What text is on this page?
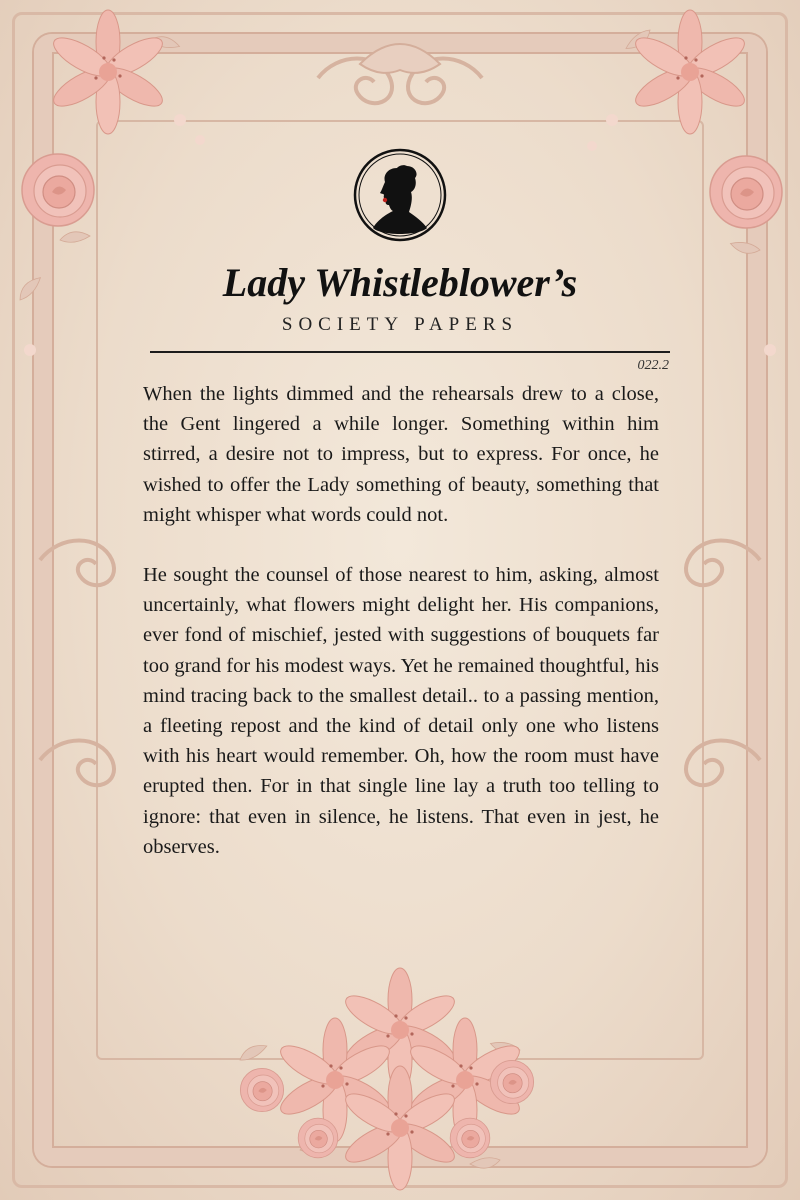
Lady Whistleblower’s
SOCIETY PAPERS
022.2

When the lights dimmed and the rehearsals drew to a close, the Gent lingered a while longer. Something within him stirred, a desire not to impress, but to express. For once, he wished to offer the Lady something of beauty, something that might whisper what words could not.

He sought the counsel of those nearest to him, asking, almost uncertainly, what flowers might delight her. His companions, ever fond of mischief, jested with suggestions of bouquets far too grand for his modest ways. Yet he remained thoughtful, his mind tracing back to the smallest detail.. to a passing mention, a fleeting repost and the kind of detail only one who listens with his heart would remember. Oh, how the room must have erupted then. For in that single line lay a truth too telling to ignore: that even in silence, he listens. That even in jest, he observes.
